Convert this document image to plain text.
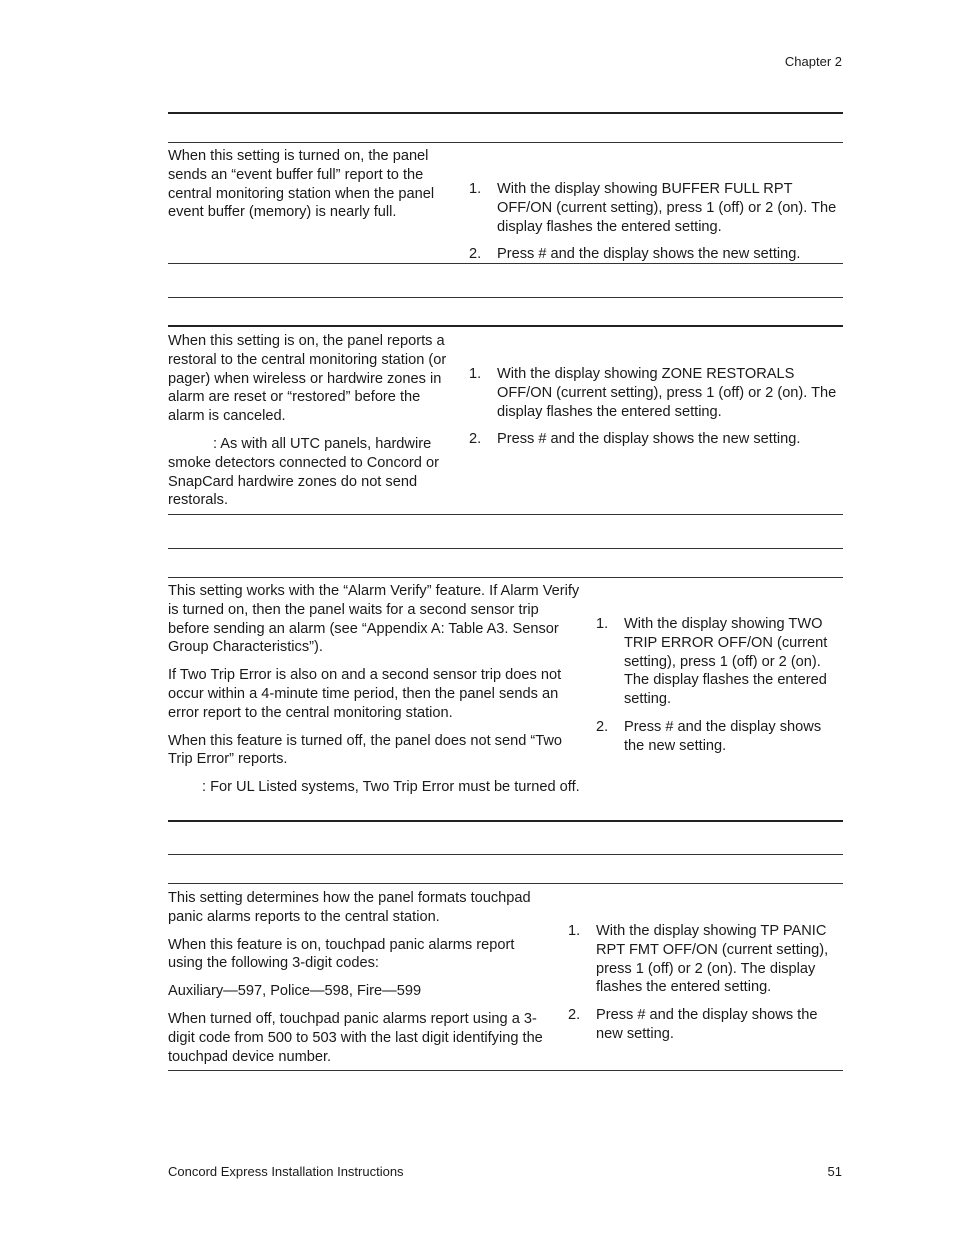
Chapter 2

When this setting is turned on, the panel sends an “event buffer full” report to the central monitoring station when the panel event buffer (memory) is nearly full.

1. With the display showing BUFFER FULL RPT OFF/ON (current setting), press 1 (off) or 2 (on). The display flashes the entered setting.
2. Press # and the display shows the new setting.

When this setting is on, the panel reports a restoral to the central monitoring station (or pager) when wireless or hardwire zones in alarm are reset or “restored” before the alarm is canceled.

: As with all UTC panels, hardwire smoke detectors connected to Concord or SnapCard hardwire zones do not send restorals.

1. With the display showing ZONE RESTORALS OFF/ON (current setting), press 1 (off) or 2 (on). The display flashes the entered setting.
2. Press # and the display shows the new setting.

This setting works with the “Alarm Verify” feature. If Alarm Verify is turned on, then the panel waits for a second sensor trip before sending an alarm (see “Appendix A: Table A3. Sensor Group Characteristics”).

If Two Trip Error is also on and a second sensor trip does not occur within a 4-minute time period, then the panel sends an error report to the central monitoring station.

When this feature is turned off, the panel does not send “Two Trip Error” reports.

: For UL Listed systems, Two Trip Error must be turned off.

1. With the display showing TWO TRIP ERROR OFF/ON (current setting), press 1 (off) or 2 (on). The display flashes the entered setting.
2. Press # and the display shows the new setting.

This setting determines how the panel formats touchpad panic alarms reports to the central station.

When this feature is on, touchpad panic alarms report using the following 3-digit codes:

Auxiliary—597, Police—598, Fire—599

When turned off, touchpad panic alarms report using a 3-digit code from 500 to 503 with the last digit identifying the touchpad device number.

1. With the display showing TP PANIC RPT FMT OFF/ON (current setting), press 1 (off) or 2 (on). The display flashes the entered setting.
2. Press # and the display shows the new setting.
Concord Express Installation Instructions	51
